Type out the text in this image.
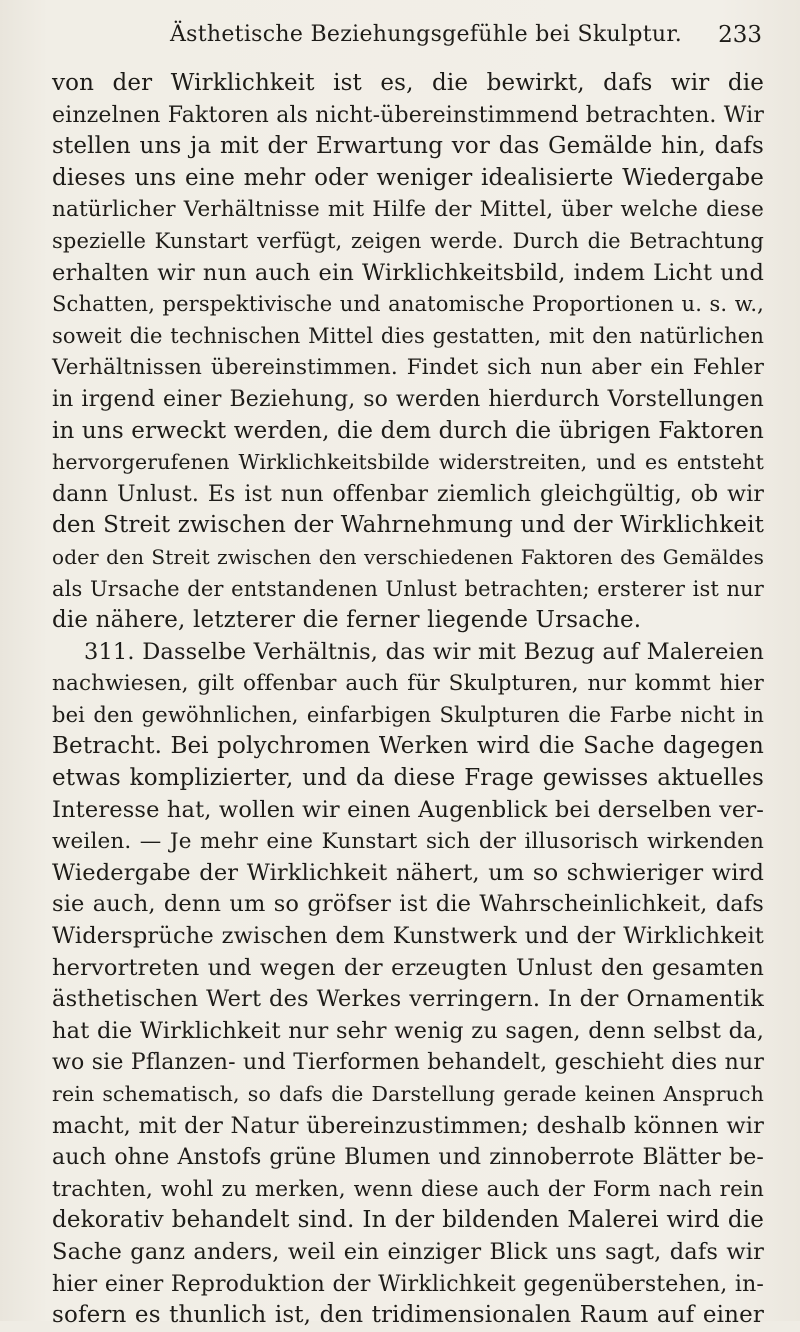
Ästhetische Beziehungsgefühle bei Skulptur.	233
von der Wirklichkeit ist es, die bewirkt, dafs wir die
einzelnen Faktoren als nicht-übereinstimmend betrachten. Wir
stellen uns ja mit der Erwartung vor das Gemälde hin, dafs
dieses uns eine mehr oder weniger idealisierte Wiedergabe
natürlicher Verhältnisse mit Hilfe der Mittel, über welche diese
spezielle Kunstart verfügt, zeigen werde. Durch die Betrachtung
erhalten wir nun auch ein Wirklichkeitsbild, indem Licht und
Schatten, perspektivische und anatomische Proportionen u. s. w.,
soweit die technischen Mittel dies gestatten, mit den natürlichen
Verhältnissen übereinstimmen. Findet sich nun aber ein Fehler
in irgend einer Beziehung, so werden hierdurch Vorstellungen
in uns erweckt werden, die dem durch die übrigen Faktoren
hervorgerufenen Wirklichkeitsbilde widerstreiten, und es entsteht
dann Unlust. Es ist nun offenbar ziemlich gleichgültig, ob wir
den Streit zwischen der Wahrnehmung und der Wirklichkeit
oder den Streit zwischen den verschiedenen Faktoren des Gemäldes
als Ursache der entstandenen Unlust betrachten; ersterer ist nur
die nähere, letzterer die ferner liegende Ursache.
311. Dasselbe Verhältnis, das wir mit Bezug auf Malereien
nachwiesen, gilt offenbar auch für Skulpturen, nur kommt hier
bei den gewöhnlichen, einfarbigen Skulpturen die Farbe nicht in
Betracht. Bei polychromen Werken wird die Sache dagegen
etwas komplizierter, und da diese Frage gewisses aktuelles
Interesse hat, wollen wir einen Augenblick bei derselben ver-
weilen. — Je mehr eine Kunstart sich der illusorisch wirkenden
Wiedergabe der Wirklichkeit nähert, um so schwieriger wird
sie auch, denn um so gröfser ist die Wahrscheinlichkeit, dafs
Widersprüche zwischen dem Kunstwerk und der Wirklichkeit
hervortreten und wegen der erzeugten Unlust den gesamten
ästhetischen Wert des Werkes verringern. In der Ornamentik
hat die Wirklichkeit nur sehr wenig zu sagen, denn selbst da,
wo sie Pflanzen- und Tierformen behandelt, geschieht dies nur
rein schematisch, so dafs die Darstellung gerade keinen Anspruch
macht, mit der Natur übereinzustimmen; deshalb können wir
auch ohne Anstofs grüne Blumen und zinnoberrote Blätter be-
trachten, wohl zu merken, wenn diese auch der Form nach rein
dekorativ behandelt sind. In der bildenden Malerei wird die
Sache ganz anders, weil ein einziger Blick uns sagt, dafs wir
hier einer Reproduktion der Wirklichkeit gegenüberstehen, in-
sofern es thunlich ist, den tridimensionalen Raum auf einer
